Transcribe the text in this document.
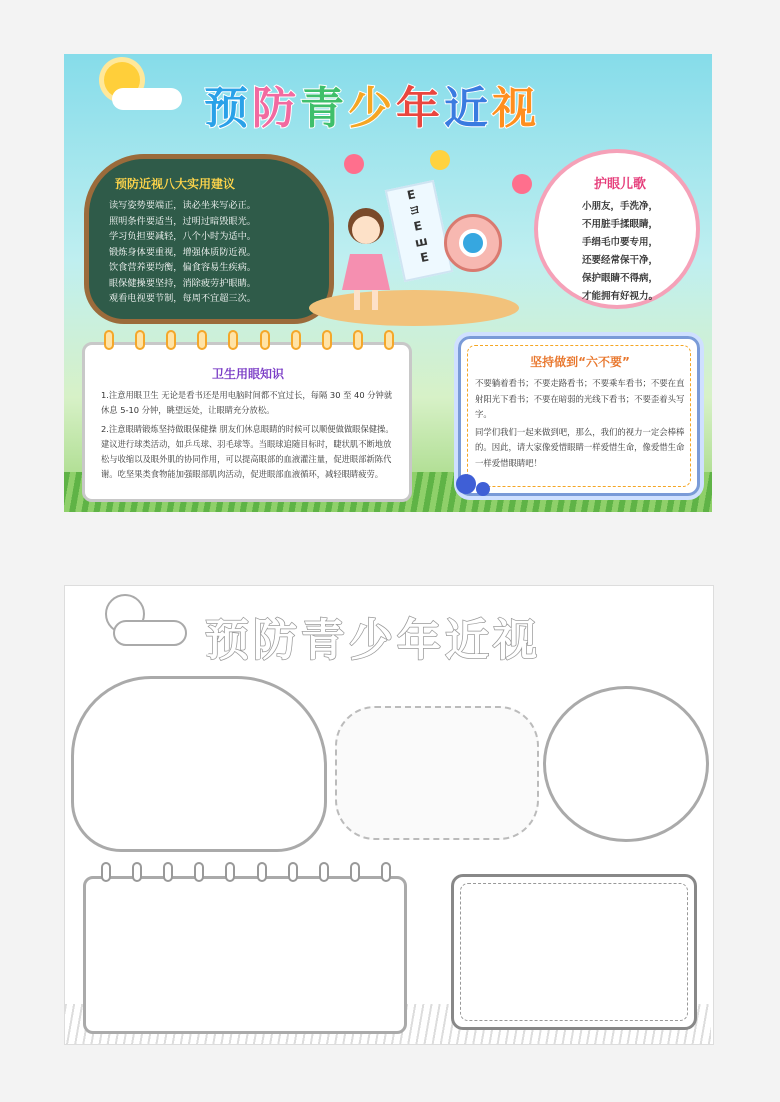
预防青少年近视
预防近视八大实用建议

读写姿势要端正，读必坐来写必正。

照明条件要适当，过明过暗毁眼光。

学习负担要减轻，八个小时为适中。

锻炼身体要重视，增强体质防近视。

饮食营养要均衡，偏食容易生疾病。

眼保健操要坚持，消除疲劳护眼睛。

观看电视要节制，每周不宜超三次。

E
ヨ
E
ш
E
护眼儿歌

小朋友，手洗净，

不用脏手揉眼睛，

手绢毛巾要专用，

还要经常保干净，

保护眼睛不得病，

才能拥有好视力。

卫生用眼知识

1.注意用眼卫生 无论是看书还是用电脑时间都不宜过长，每隔 30 至 40 分钟就休息 5-10 分钟，眺望远处，让眼睛充分放松。

2.注意眼睛锻炼坚持做眼保健操 朋友们休息眼睛的时候可以顺便做做眼保健操。建议进行球类活动，如乒乓球、羽毛球等。当眼球追随目标时，睫状肌不断地放松与收缩以及眼外肌的协同作用，可以提高眼部的血液灌注量，促进眼部新陈代谢。吃坚果类食物能加强眼部肌肉活动，促进眼部血液循环，减轻眼睛疲劳。

坚持做到“六不要”

不要躺着看书；不要走路看书；不要乘车看书；不要在直射阳光下看书；不要在暗弱的光线下看书；不要歪着头写字。

同学们我们一起来做到吧，那么，我们的视力一定会棒棒的。因此，请大家像爱惜眼睛一样爱惜生命，像爱惜生命一样爱惜眼睛吧！

预防青少年近视
